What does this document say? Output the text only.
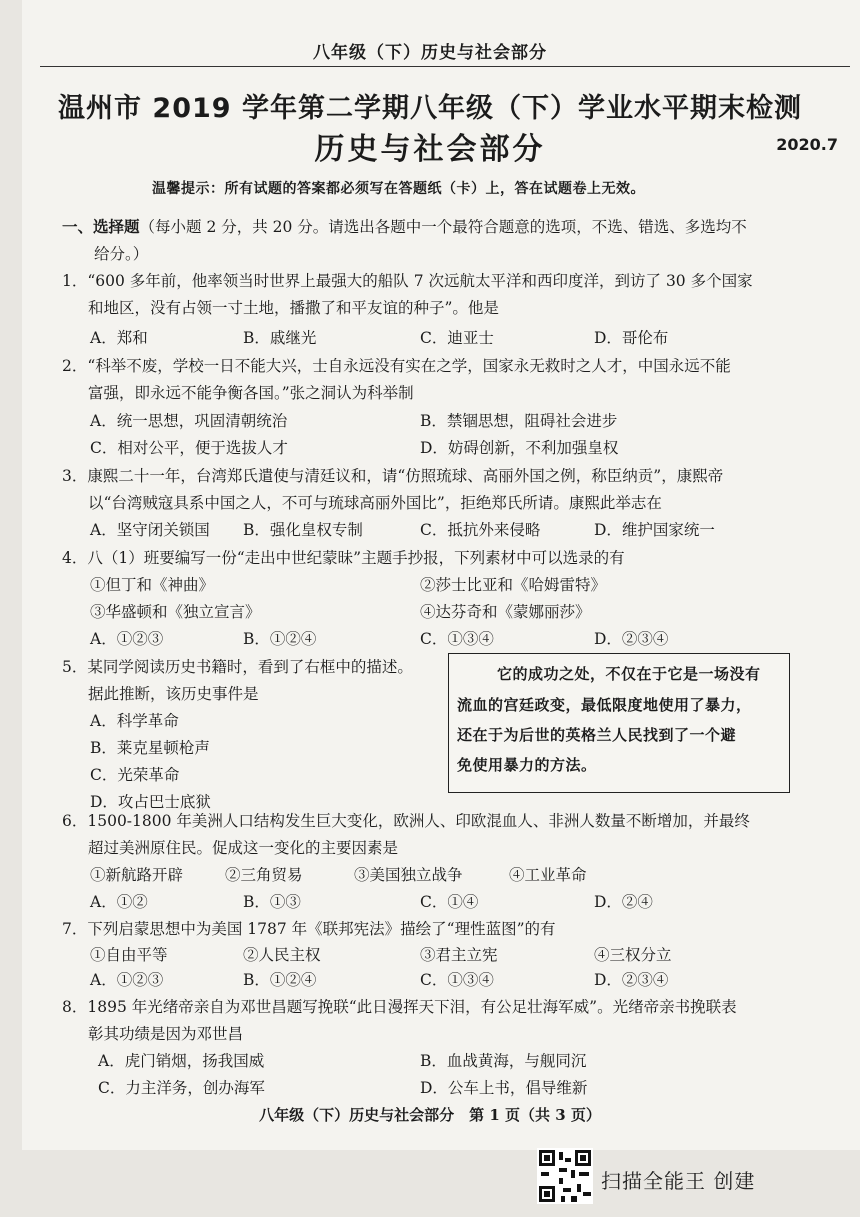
八年级（下）历史与社会部分
温州市 2019 学年第二学期八年级（下）学业水平期末检测
历史与社会部分	2020.7
温馨提示：所有试题的答案都必须写在答题纸（卡）上，答在试题卷上无效。
一、选择题（每小题 2 分，共 20 分。请选出各题中一个最符合题意的选项，不选、错选、多选均不
给分。）
1．“600 多年前，他率领当时世界上最强大的船队 7 次远航太平洋和西印度洋，到访了 30 多个国家
和地区，没有占领一寸土地，播撒了和平友谊的种子”。他是
A．郑和	B．戚继光	C．迪亚士	D．哥伦布
2．“科举不废，学校一日不能大兴，士自永远没有实在之学，国家永无救时之人才，中国永远不能
富强，即永远不能争衡各国。”张之洞认为科举制
A．统一思想，巩固清朝统治	B．禁锢思想，阻碍社会进步
C．相对公平，便于选拔人才	D．妨碍创新，不利加强皇权
3．康熙二十一年，台湾郑氏遣使与清廷议和，请“仿照琉球、高丽外国之例，称臣纳贡”，康熙帝
以“台湾贼寇具系中国之人，不可与琉球高丽外国比”，拒绝郑氏所请。康熙此举志在
A．坚守闭关锁国 B．强化皇权专制	C．抵抗外来侵略	D．维护国家统一
4．八（1）班要编写一份“走出中世纪蒙昧”主题手抄报，下列素材中可以选录的有
①但丁和《神曲》	②莎士比亚和《哈姆雷特》
③华盛顿和《独立宣言》	④达芬奇和《蒙娜丽莎》
A．①②③	B．①②④	C．①③④	D．②③④
5．某同学阅读历史书籍时，看到了右框中的描述。
据此推断，该历史事件是
A．科学革命
B．莱克星顿枪声
C．光荣革命
D．攻占巴士底狱
它的成功之处，不仅在于它是一场没有
流血的宫廷政变，最低限度地使用了暴力，
还在于为后世的英格兰人民找到了一个避
免使用暴力的方法。
6．1500-1800 年美洲人口结构发生巨大变化，欧洲人、印欧混血人、非洲人数量不断增加，并最终
超过美洲原住民。促成这一变化的主要因素是
①新航路开辟	②三角贸易	③美国独立战争	④工业革命
A．①②	B．①③	C．①④	D．②④
7．下列启蒙思想中为美国 1787 年《联邦宪法》描绘了“理性蓝图”的有
①自由平等	②人民主权	③君主立宪	④三权分立
A．①②③	B．①②④	C．①③④	D．②③④
8．1895 年光绪帝亲自为邓世昌题写挽联“此日漫挥天下泪，有公足壮海军威”。光绪帝亲书挽联表
彰其功绩是因为邓世昌
A．虎门销烟，扬我国威	B．血战黄海，与舰同沉
C．力主洋务，创办海军	D．公车上书，倡导维新
八年级（下）历史与社会部分　第 1 页（共 3 页）
扫描全能王 创建
